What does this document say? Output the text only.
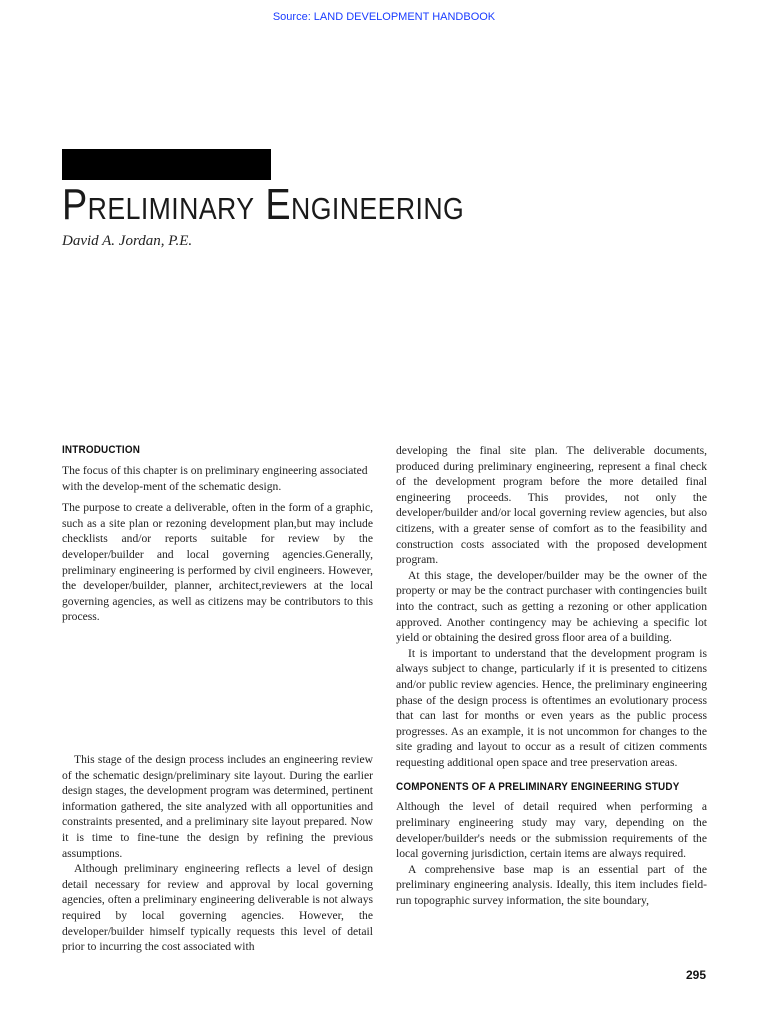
Source: LAND DEVELOPMENT HANDBOOK
Preliminary Engineering
David A. Jordan, P.E.
INTRODUCTION

The focus of this chapter is on preliminary engineering associated with the develop-ment of the schematic design.

The purpose to create a deliverable, often in the form of a graphic, such as a site plan or rezoning development plan,but may include checklists and/or reports suitable for review by the developer/builder and local governing agencies.Generally, preliminary engineering is performed by civil engineers. However, the developer/builder, planner, architect,reviewers at the local governing agencies, as well as citizens may be contributors to this process.

This stage of the design process includes an engineering review of the schematic design/preliminary site layout. During the earlier design stages, the development program was determined, pertinent information gathered, the site analyzed with all opportunities and constraints presented, and a preliminary site layout prepared. Now it is time to fine-tune the design by refining the previous assumptions.

Although preliminary engineering reflects a level of design detail necessary for review and approval by local governing agencies, often a preliminary engineering deliverable is not always required by local governing agencies. However, the developer/builder himself typically requests this level of detail prior to incurring the cost associated with

developing the final site plan. The deliverable documents, produced during preliminary engineering, represent a final check of the development program before the more detailed final engineering proceeds. This provides, not only the developer/builder and/or local governing review agencies, but also citizens, with a greater sense of comfort as to the feasibility and construction costs associated with the proposed development program.

At this stage, the developer/builder may be the owner of the property or may be the contract purchaser with contingencies built into the contract, such as getting a rezoning or other application approved. Another contingency may be achieving a specific lot yield or obtaining the desired gross floor area of a building.

It is important to understand that the development program is always subject to change, particularly if it is presented to citizens and/or public review agencies. Hence, the preliminary engineering phase of the design process is oftentimes an evolutionary process that can last for months or even years as the public process progresses. As an example, it is not uncommon for changes to the site grading and layout to occur as a result of citizen comments requesting additional open space and tree preservation areas.

COMPONENTS OF A PRELIMINARY ENGINEERING STUDY

Although the level of detail required when performing a preliminary engineering study may vary, depending on the developer/builder's needs or the submission requirements of the local governing jurisdiction, certain items are always required.

A comprehensive base map is an essential part of the preliminary engineering analysis. Ideally, this item includes field-run topographic survey information, the site boundary,

295
